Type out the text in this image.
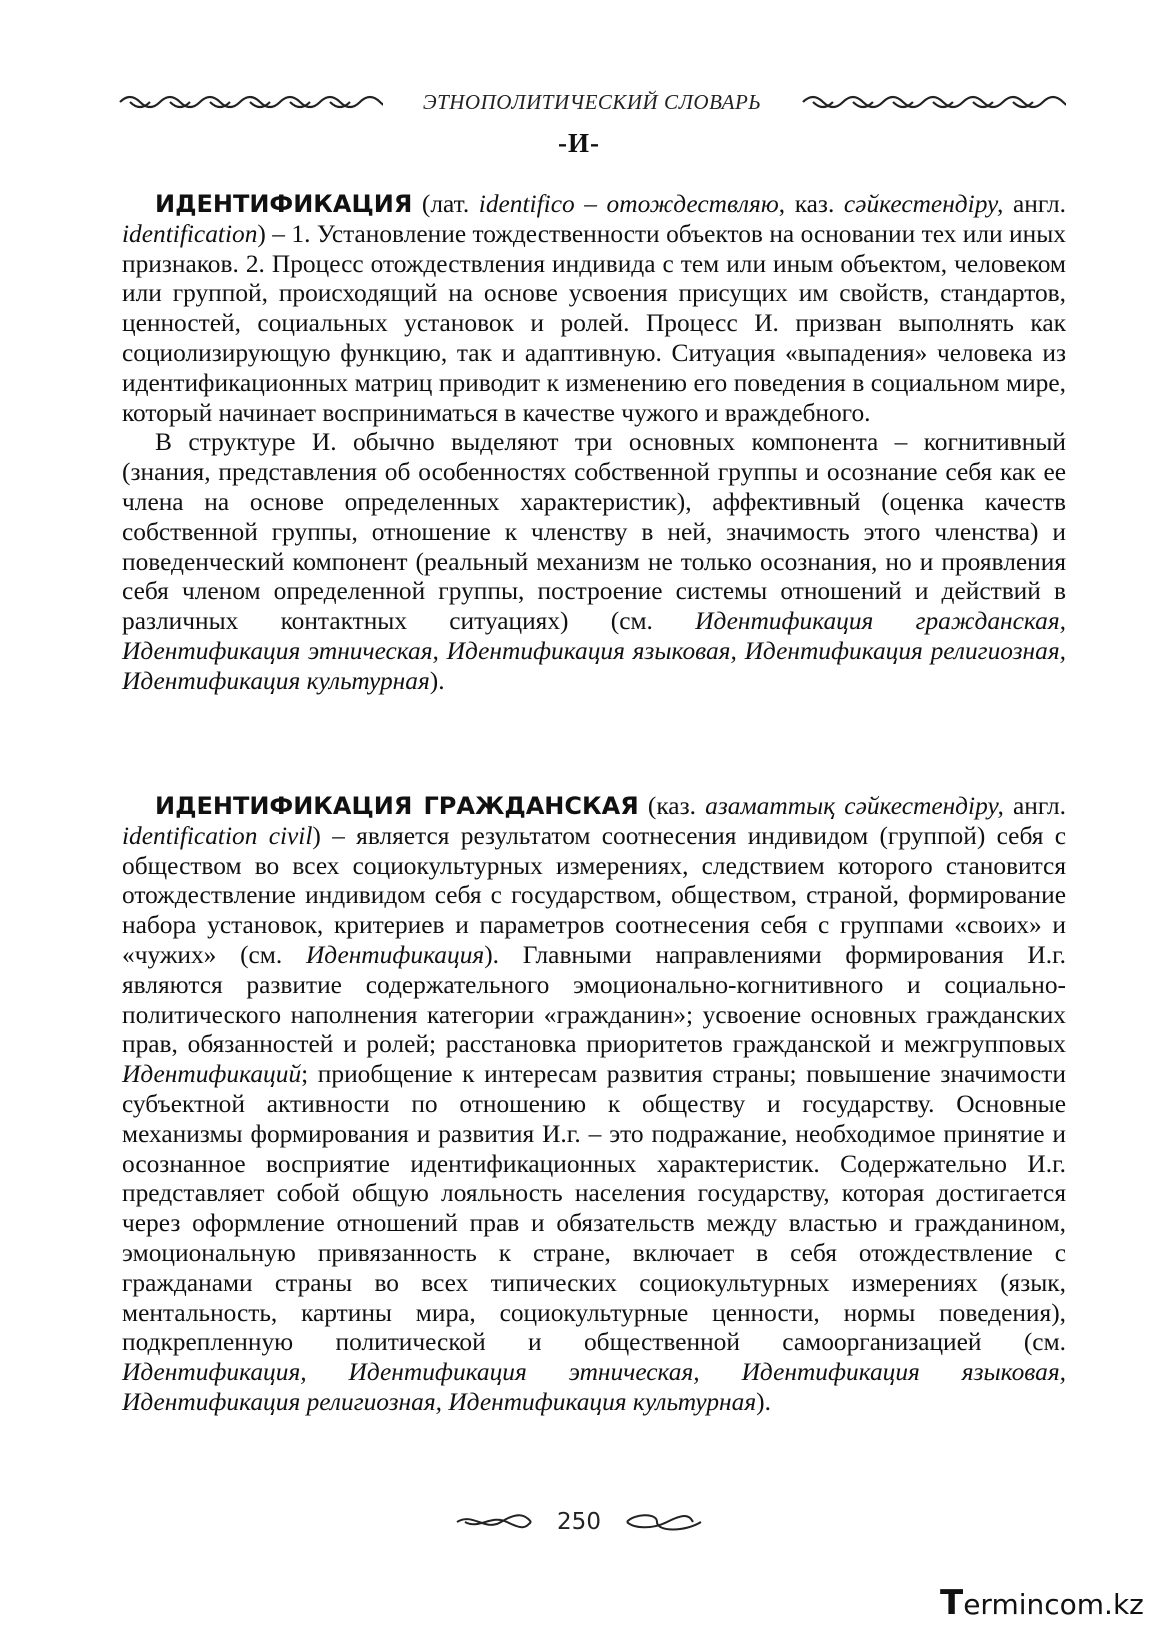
ЭТНОПОЛИТИЧЕСКИЙ СЛОВАРЬ
-И-

ИДЕНТИФИКАЦИЯ (лат. identifico – отождествляю, каз. сәйкестендіру, англ. identification) – 1. Установление тождественности объектов на основании тех или иных признаков. 2. Процесс отождествления индивида с тем или иным объектом, человеком или группой, происходящий на основе усвоения присущих им свойств, стандартов, ценностей, социальных установок и ролей. Процесс И. призван выполнять как социолизирующую функцию, так и адаптивную. Ситуация «выпадения» человека из идентификационных матриц приводит к изменению его поведения в социальном мире, который начинает восприниматься в качестве чужого и враждебного.

В структуре И. обычно выделяют три основных компонента – когнитивный (знания, представления об особенностях собственной группы и осознание себя как ее члена на основе определенных характеристик), аффективный (оценка качеств собственной группы, отношение к членству в ней, значимость этого членства) и поведенческий компонент (реальный механизм не только осознания, но и проявления себя членом определенной группы, построение системы отношений и действий в различных контактных ситуациях) (см. Идентификация гражданская, Идентификация этническая, Идентификация языковая, Идентификация религиозная, Идентификация культурная).

ИДЕНТИФИКАЦИЯ ГРАЖДАНСКАЯ (каз. азаматтық сәйкестендіру, англ. identification civil) – является результатом соотнесения индивидом (группой) себя с обществом во всех социокультурных измерениях, следствием которого становится отождествление индивидом себя с государством, обществом, страной, формирование набора установок, критериев и параметров соотнесения себя с группами «своих» и «чужих» (см. Идентификация). Главными направлениями формирования И.г. являются развитие содержательного эмоционально-когнитивного и социально-политического наполнения категории «гражданин»; усвоение основных гражданских прав, обязанностей и ролей; расстановка приоритетов гражданской и межгрупповых Идентификаций; приобщение к интересам развития страны; повышение значимости субъектной активности по отношению к обществу и государству. Основные механизмы формирования и развития И.г. – это подражание, необходимое принятие и осознанное восприятие идентификационных характеристик. Содержательно И.г. представляет собой общую лояльность населения государству, которая достигается через оформление отношений прав и обязательств между властью и гражданином, эмоциональную привязанность к стране, включает в себя отождествление с гражданами страны во всех типических социокультурных измерениях (язык, ментальность, картины мира, социокультурные ценности, нормы поведения), подкрепленную политической и общественной самоорганизацией (см. Идентификация, Идентификация этническая, Идентификация языковая, Идентификация религиозная, Идентификация культурная).

250
Termincom.kz
